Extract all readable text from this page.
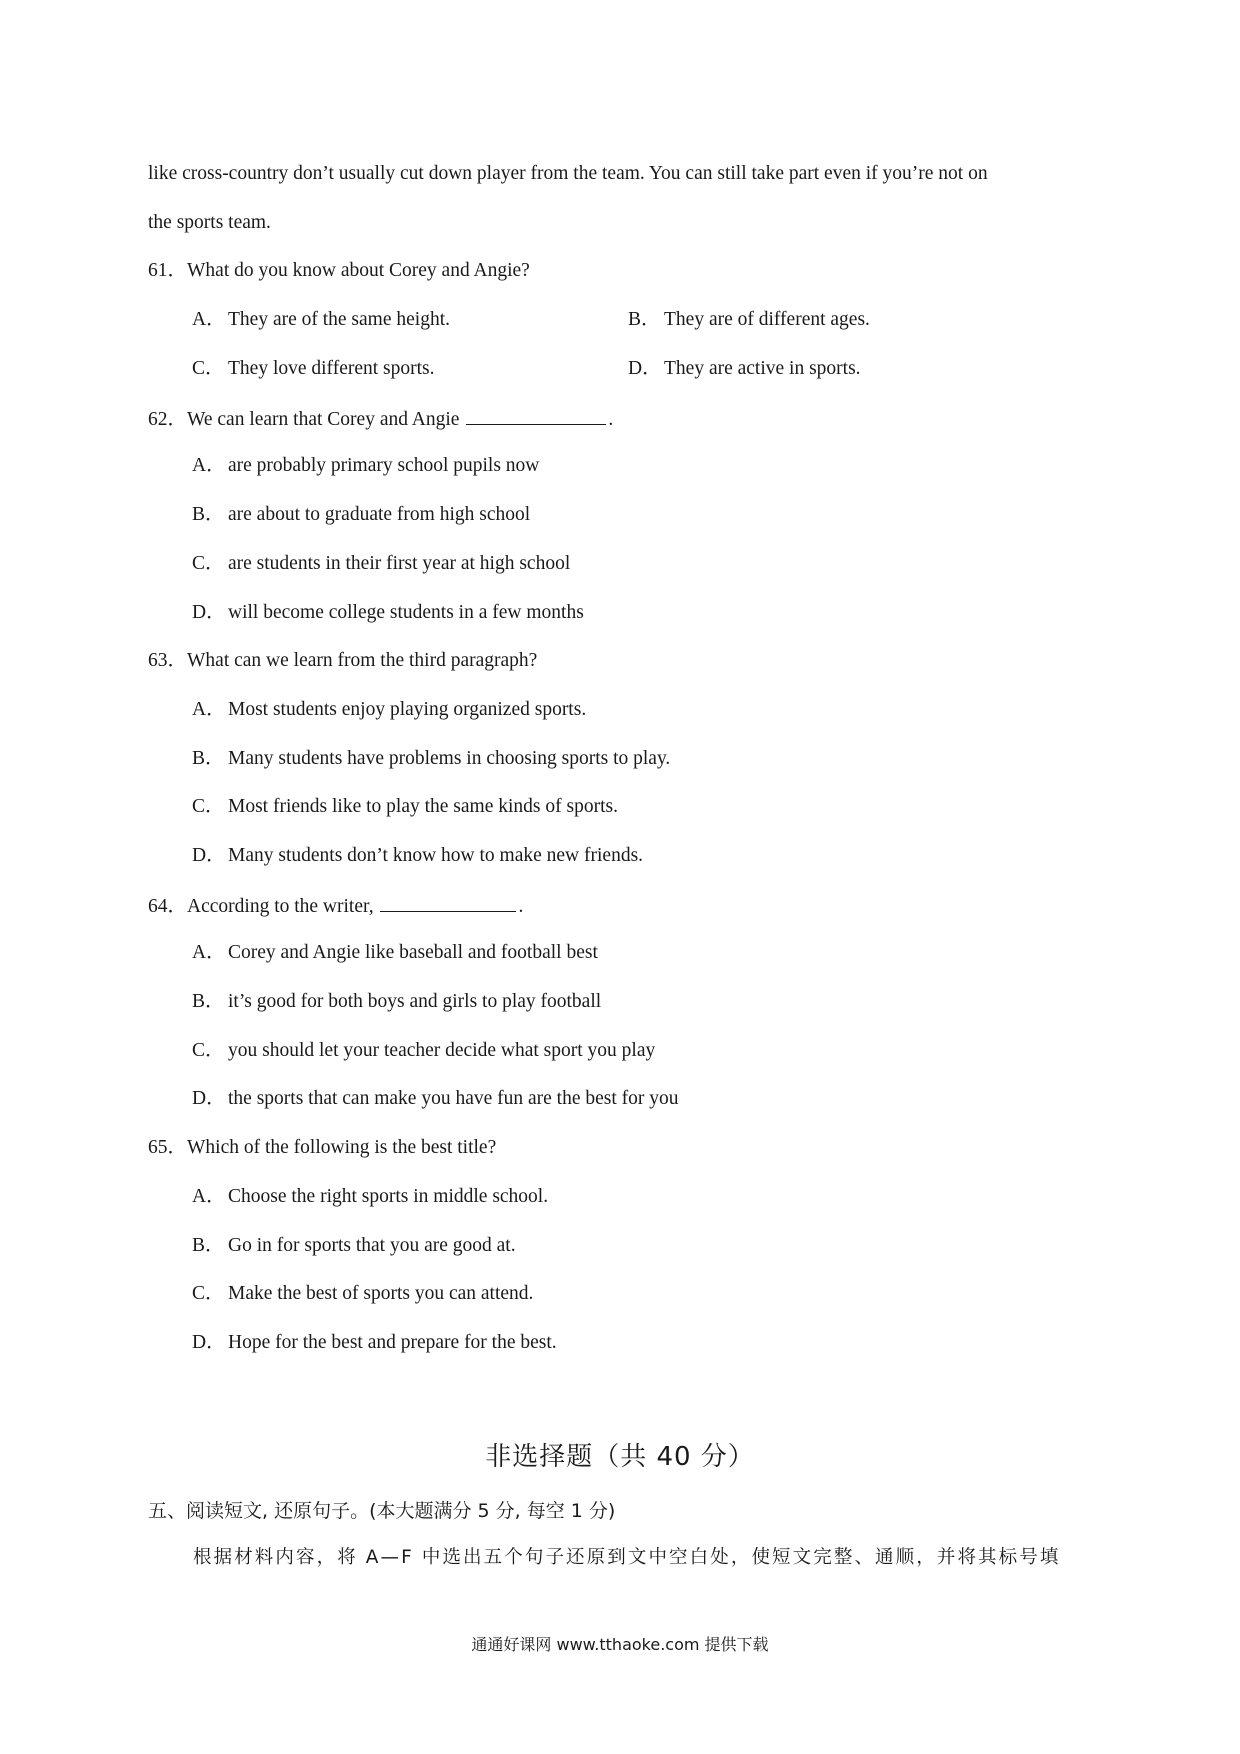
like cross-country don’t usually cut down player from the team. You can still take part even if you’re not on
the sports team.
61．What do you know about Corey and Angie?
A． They are of the same height.	B． They are of different ages.
C． They love different sports.	D． They are active in sports.
62．We can learn that Corey and Angie	.
A． are probably primary school pupils now
B． are about to graduate from high school
C． are students in their first year at high school
D． will become college students in a few months
63．What can we learn from the third paragraph?
A． Most students enjoy playing organized sports.
B． Many students have problems in choosing sports to play.
C． Most friends like to play the same kinds of sports.
D． Many students don’t know how to make new friends.
64．According to the writer,	.
A． Corey and Angie like baseball and football best
B． it’s good for both boys and girls to play football
C． you should let your teacher decide what sport you play
D． the sports that can make you have fun are the best for you
65．Which of the following is the best title?
A． Choose the right sports in middle school.
B． Go in for sports that you are good at.
C． Make the best of sports you can attend.
D． Hope for the best and prepare for the best.
非选择题（共 40 分）
五、阅读短文, 还原句子。(本大题满分 5 分, 每空 1 分)
根据材料内容，将 A—F 中选出五个句子还原到文中空白处，使短文完整、通顺，并将其标号填
通通好课网 www.tthaoke.com 提供下载
